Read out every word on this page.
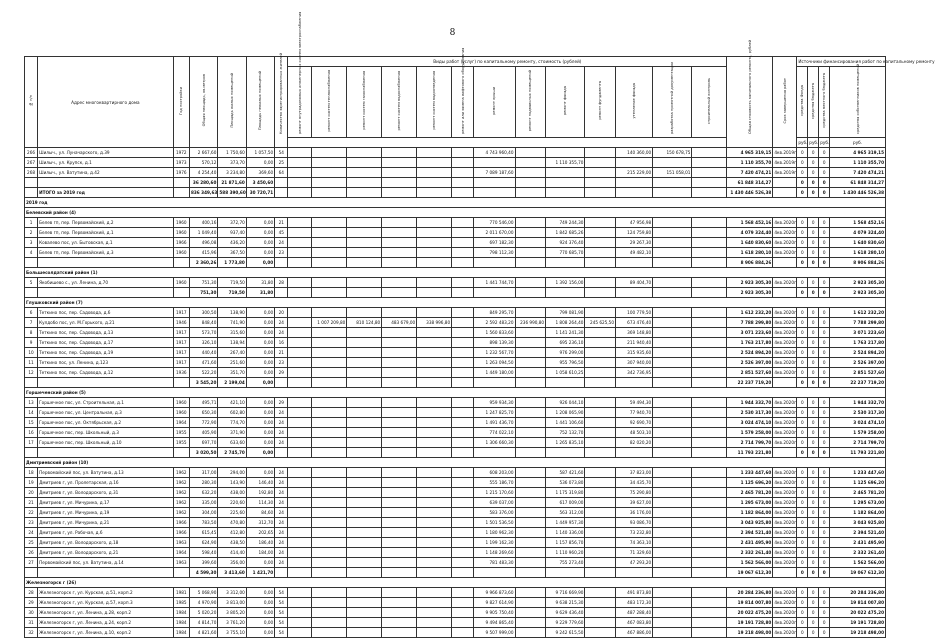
8
№ п/п	Адрес многоквартирного дома	Год постройки	Общая площадь, кв.метров	Площадь жилых помещений	Площадь нежилых помещений	Количество зарегистрированных жителей	Виды работ (услуг) по капитальному ремонту, стоимость (рублей)													Общая стоимость капитального ремонта, рублей	Срок завершения работ	Источники финансирования работ по капитальному ремонту			
							ремонт внутридомовых инженерных систем электроснабжения	ремонт систем теплоснабжения	ремонт систем газоснабжения	ремонт систем водоснабжения	ремонт систем водоотведения	ремонт или замена лифтового оборудования	ремонт крыши	ремонт подвальных помещений	ремонт фасада	ремонт фундамента	утепление фасада	разработка проектной документации	строительный контроль			средства Фонда	средства бюджета	средства местного бюджета	средства собственников помещений
																						руб.	руб.	руб.	руб.
266	Шилыч., ул. Луначарского, д.39	1972	2 667,60	1 750,60	1 057,50	54							4 743 960,40				140 360,00	150 678,75		4 965 319,15	4кв.2019г	0	0	0	4 965 319,15
267	Шилыч., ул. Крупск, д.1	1973	570,12	373,70	0,00	25									1 110 355,70					1 110 355,70	4кв.2019г	0	0	0	1 110 355,70
268	Шилыч., ул. Ватутина, д.42	1976	4 254,40	3 234,80	369,60	64							7 089 187,60				215 229,00	151 058,01		7 420 474,21	4кв.2019г	0	0	0	7 420 474,21
			36 280,60	21 871,60	3 450,60															61 848 314,27		0	0	0	61 848 314,27
	ИТОГО за 2019 год		836 349,63	588 390,60	30 720,71															1 430 446 526,38		0	0	0	1 430 446 526,38
2019 год																									
Белевский район (4)																									
1	Белев гп, пер. Первомайский, д.2	1960	400,16	372,70	0,00	21							770 546,00		749 244,30		47 956,98			1 568 452,16	4кв.2020г	0	0	0	1 568 452,16
2	Белев гп, пер. Первомайский, д.1	1960	1 049,40	937,40	0,00	45							2 011 670,00		1 842 685,26		124 759,80			4 079 324,40	4кв.2020г	0	0	0	4 079 324,40
3	Ковалево пос, ул. Бытовская, д.1	1966	496,08	436,20	0,00	24							697 182,30		924 376,40		29 267,30			1 640 830,60	4кв.2020г	0	0	0	1 640 830,60
4	Белев гп, пер. Первомайский, д.3	1960	415,96	367,50	0,00	23							798 112,30		770 685,70		49 482,10			1 618 280,10	4кв.2020г	0	0	0	1 618 280,10
			2 360,26	1 773,80	0,00															8 906 884,26		0	0	0	8 906 884,26
Большесолдатский район (1)																									
5	Якобишево с., ул. Ленина, д.70	1960	751,30	719,50	31,80	28							1 441 744,70		1 392 156,00		89 404,70			2 923 305,30	4кв.2020г	0	0	0	2 923 305,30
			751,30	719,50	31,80															2 923 305,30		0	0	0	2 923 305,30
Глушковский район (7)																									
6	Теткино пос, пер. Садовода, д.6	1917	300,50	138,90	0,00	20							849 295,70		799 081,90		100 779,50			1 612 232,20	4кв.2020г	0	0	0	1 612 232,20
7	Кулдобо пос, ул. М.Горького, д.21	1946	848,40	741,90	0,00	24		1 007 209,80	810 124,80	483 679,00	338 996,80		2 592 483,20	236 990,80	1 808 264,40	245 625,50	673 476,40			7 788 299,80	4кв.2020г	0	0	0	7 788 299,80
8	Теткино пос, пер. Садовода, д.13	1917	573,70	315,60	0,00	24							1 560 833,60		1 141 241,30		369 148,80			3 071 223,60	4кв.2020г	0	0	0	3 071 223,60
9	Теткино пос, пер. Садовода, д.17	1917	326,10	138,94	0,00	16							898 139,30		695 236,10		211 940,40			1 763 217,80	4кв.2020г	0	0	0	1 763 217,80
10	Теткино пос, пер. Садовода, д.19	1917	440,40	267,40	0,00	21							1 232 567,70		976 299,00		315 935,60			2 524 894,20	4кв.2020г	0	0	0	2 524 894,20
11	Теткино пос, ул. Ленина, д.123	1917	471,60	251,60	0,00	23							1 263 094,50		955 796,50		307 940,00			2 526 397,00	4кв.2020г	0	0	0	2 526 397,00
12	Теткино пос, пер. Садовода, д.12	1936	522,20	351,70	0,00	29							1 449 180,00		1 058 610,25		342 736,95			2 851 527,60	4кв.2020г	0	0	0	2 851 527,60
			3 545,20	2 199,04	0,00															22 237 719,20		0	0	0	22 237 719,20
Горшеченский район (5)																									
13	Горшечное пос, ул. Строительная, д.1	1960	495,71	421,10	0,00	29							959 934,30		926 044,10		59 494,30			1 944 332,70	4кв.2020г	0	0	0	1 944 332,70
14	Горшечное пос, ул. Центральная, д.3	1960	650,30	602,80	0,00	24							1 247 825,70		1 208 065,90		77 940,70			2 530 317,30	4кв.2020г	0	0	0	2 530 317,30
15	Горшечное пос, ул. Октябрьская, д.2	1964	772,90	774,70	0,00	24							1 491 436,70		1 441 106,60		92 690,70			3 024 474,10	4кв.2020г	0	0	0	3 024 474,10
16	Горшечное пос, пер. Школьный, д.3	1955	405,90	371,90	0,00	24							774 022,10		752 132,70		48 503,10			1 579 258,00	4кв.2020г	0	0	0	1 579 258,00
17	Горшечное пос, пер. Школьный, д.10	1955	697,70	633,60	0,00	24							1 306 660,30		1 265 835,10		82 020,20			2 714 799,70	4кв.2020г	0	0	0	2 714 799,70
			3 020,50	2 745,70	0,00															11 793 221,80		0	0	0	11 793 221,80
Дмитриевский район (10)																									
18	Первомайский пос, ул. Ватутина, д.13	1962	317,00	294,00	0,00	24							608 203,00		587 421,60		37 823,00			1 233 447,60	4кв.2020г	0	0	0	1 233 447,60
19	Дмитриев г, ул. Пролетарская, д.16	1962	280,30	143,90	146,40	24							555 186,70		536 073,80		34 435,70			1 125 696,20	4кв.2020г	0	0	0	1 125 696,20
20	Дмитриев г, ул. Володарского, д.31	1962	632,20	438,00	192,80	24							1 215 170,60		1 175 319,80		75 290,80			2 465 781,20	4кв.2020г	0	0	0	2 465 781,20
21	Дмитриев г, ул. Мичурина, д.17	1962	335,00	220,60	114,30	24							639 037,00		617 009,00		39 627,00			1 295 673,00	4кв.2020г	0	0	0	1 295 673,00
22	Дмитриев г, ул. Мичурина, д.19	1962	304,00	225,60	84,60	24							583 376,00		563 312,00		36 176,00			1 182 864,00	4кв.2020г	0	0	0	1 182 864,00
23	Дмитриев г, ул. Мичурина, д.21	1966	783,50	470,80	312,70	24							1 501 536,50		1 449 957,30		93 086,70			3 043 925,80	4кв.2020г	0	0	0	3 043 925,80
24	Дмитриев г, ул. Рабочая, д.6	1966	615,45	412,80	202,65	24							1 180 962,30		1 140 336,00		73 232,80			2 394 521,40	4кв.2020г	0	0	0	2 394 521,40
25	Дмитриев г, ул. Володарского, д.18	1963	624,90	438,50	186,40	24							1 199 162,30		1 157 856,70		74 363,10			2 431 495,90	4кв.2020г	0	0	0	2 431 495,90
26	Дмитриев г, ул. Володарского, д.21	1964	598,40	414,40	184,00	24							1 148 269,60		1 110 960,20		71 329,60			2 332 261,40	4кв.2020г	0	0	0	2 332 261,40
27	Первомайский пос, ул. Ватутина, д.14	1963	399,60	356,00	0,00	24							781 483,30		755 273,40		47 293,20			1 562 566,00	4кв.2020г	0	0	0	1 562 566,00
			4 599,30	3 413,60	1 421,70															19 067 612,30		0	0	0	19 067 612,30
Железногорск г (26)																									
28	Железногорск г, ул. Курская, д.51, корп.2	1981	5 068,90	3 312,00	0,00	54							9 966 873,60		9 716 669,90		491 873,80			20 284 236,80	4кв.2020г	0	0	0	20 284 236,80
29	Железногорск г, ул. Курская, д.57, корп.3	1985	4 970,90	3 813,00	0,00	54							9 827 614,90		9 638 215,30		483 172,30			19 814 007,80	4кв.2020г	0	0	0	19 814 007,80
30	Железногорск г, ул. Ленина, д.28, корп.2	1984	5 020,20	3 805,20	0,00	54							9 905 750,40		9 629 436,40		487 288,40			20 022 475,20	4кв.2020г	0	0	0	20 022 475,20
31	Железногорск г, ул. Ленина, д.24, корп.2	1984	4 814,70	3 761,20	0,00	54							9 494 865,40		9 229 779,60		467 083,80			19 191 728,80	4кв.2020г	0	0	0	19 191 728,80
32	Железногорск г, ул. Ленина, д.10, корп.2	1984	4 821,60	3 755,10	0,00	54							9 507 999,00		9 242 615,50		467 886,00			19 218 498,00	4кв.2020г	0	0	0	19 218 498,00
